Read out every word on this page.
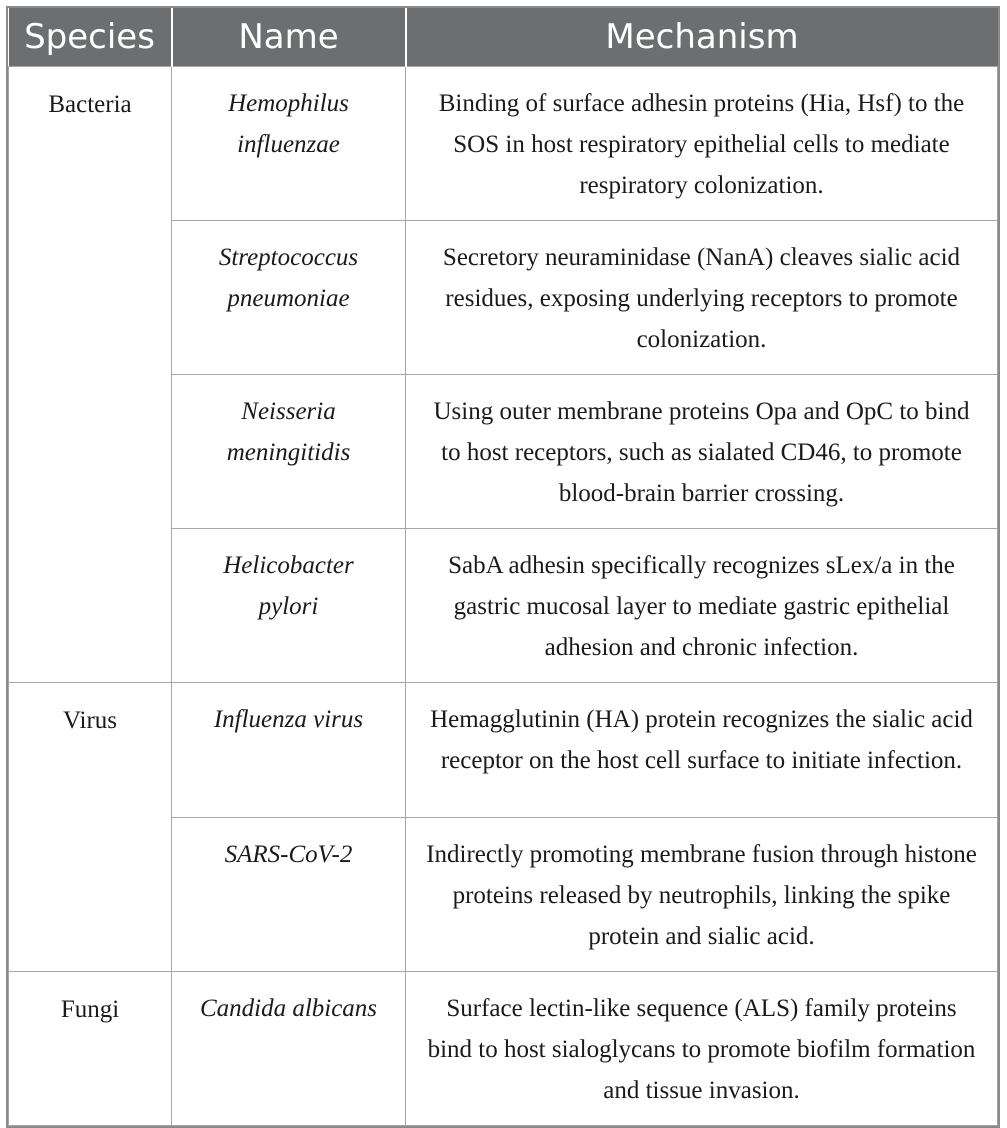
Species	Name	Mechanism
Bacteria	Hemophilus influenzae	Binding of surface adhesin proteins (Hia, Hsf) to the SOS in host respiratory epithelial cells to mediate respiratory colonization.
	Streptococcus pneumoniae	Secretory neuraminidase (NanA) cleaves sialic acid residues, exposing underlying receptors to promote colonization.
	Neisseria meningitidis	Using outer membrane proteins Opa and OpC to bind to host receptors, such as sialated CD46, to promote blood-brain barrier crossing.
	Helicobacter pylori	SabA adhesin specifically recognizes sLex/a in the gastric mucosal layer to mediate gastric epithelial adhesion and chronic infection.
Virus	Influenza virus	Hemagglutinin (HA) protein recognizes the sialic acid receptor on the host cell surface to initiate infection.
	SARS-CoV-2	Indirectly promoting membrane fusion through histone proteins released by neutrophils, linking the spike protein and sialic acid.
Fungi	Candida albicans	Surface lectin-like sequence (ALS) family proteins bind to host sialoglycans to promote biofilm formation and tissue invasion.
